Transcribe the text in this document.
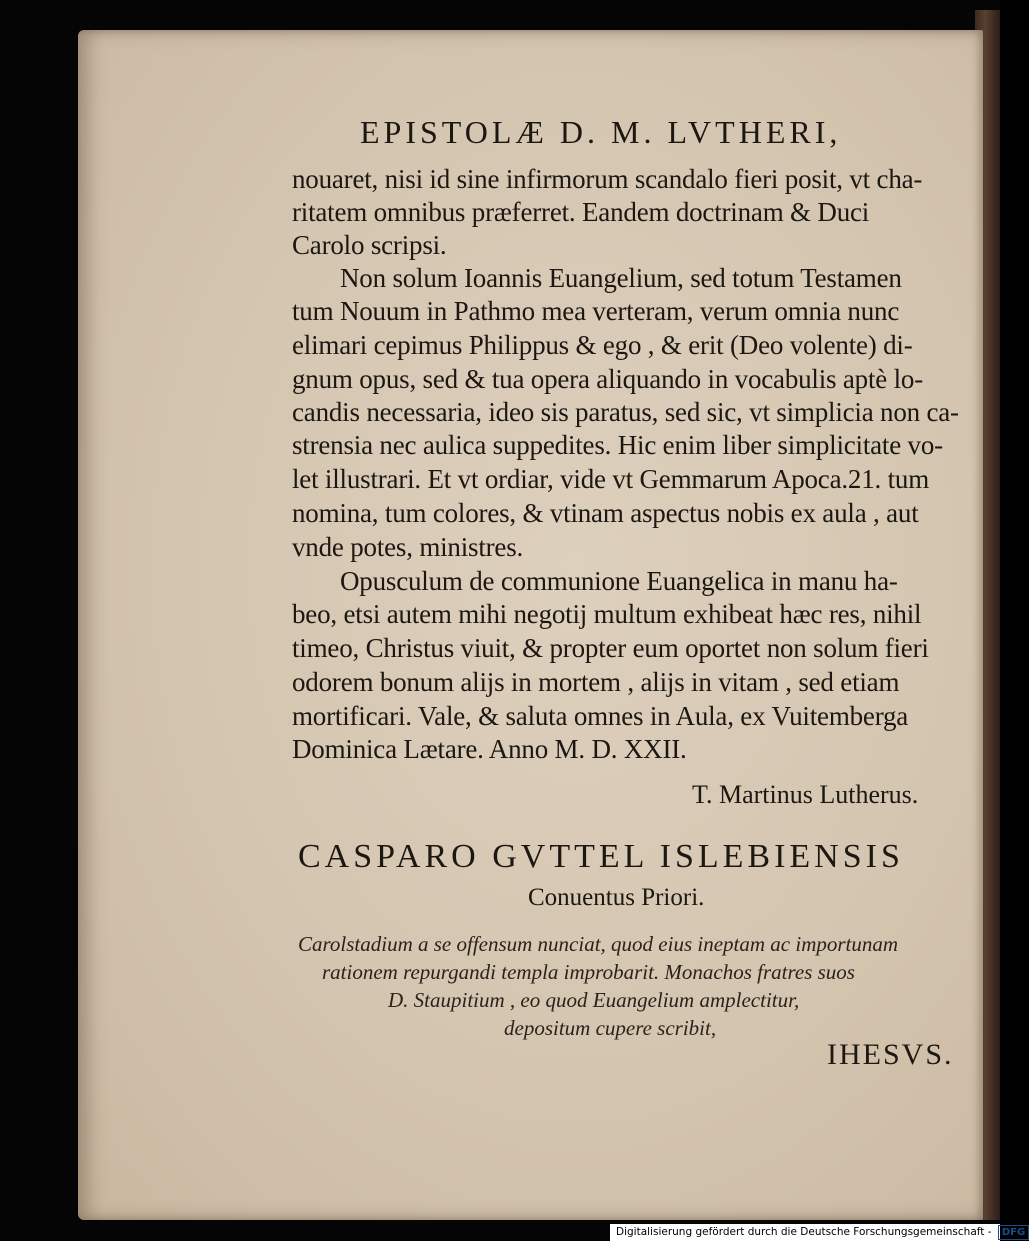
EPISTOLÆ D. M. LVTHERI,
nouaret, nisi id sine infirmorum scandalo fieri posit, vt cha-
ritatem omnibus præferret. Eandem doctrinam & Duci
Carolo scripsi.
Non solum Ioannis Euangelium, sed totum Testamen
tum Nouum in Pathmo mea verteram, verum omnia nunc
elimari cepimus Philippus & ego , & erit (Deo volente) di-
gnum opus, sed & tua opera aliquando in vocabulis aptè lo-
candis necessaria, ideo sis paratus, sed sic, vt simplicia non ca-
strensia nec aulica suppedites. Hic enim liber simplicitate vo-
let illustrari. Et vt ordiar, vide vt Gemmarum Apoca.21. tum
nomina, tum colores, & vtinam aspectus nobis ex aula , aut
vnde potes, ministres.
Opusculum de communione Euangelica in manu ha-
beo, etsi autem mihi negotij multum exhibeat hæc res, nihil
timeo, Christus viuit, & propter eum oportet non solum fieri
odorem bonum alijs in mortem , alijs in vitam , sed etiam
mortificari. Vale, & saluta omnes in Aula, ex Vuitemberga
Dominica Lætare. Anno M. D. XXII.
T. Martinus Lutherus.
CASPARO GVTTEL ISLEBIENSIS
Conuentus Priori.
Carolstadium a se offensum nunciat, quod eius ineptam ac importunam
rationem repurgandi templa improbarit. Monachos fratres suos
D. Staupitium , eo quod Euangelium amplectitur,
depositum cupere scribit,
IHESVS.
Digitalisierung gefördert durch die Deutsche Forschungsgemeinschaft - DFG
